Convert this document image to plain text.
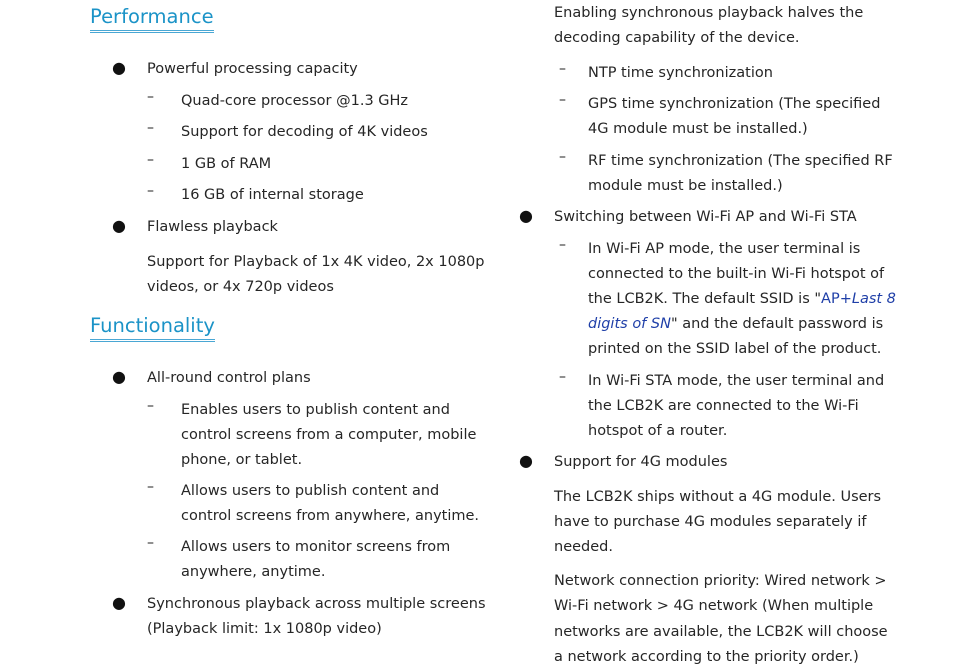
Performance
● Powerful processing capacity
– Quad-core processor @1.3 GHz
– Support for decoding of 4K videos
– 1 GB of RAM
– 16 GB of internal storage
● Flawless playback
Support for Playback of 1x 4K video, 2x 1080p
videos, or 4x 720p videos
Functionality
● All-round control plans
– Enables users to publish content and
control screens from a computer, mobile
phone, or tablet.
– Allows users to publish content and
control screens from anywhere, anytime.
– Allows users to monitor screens from
anywhere, anytime.
● Synchronous playback across multiple screens
(Playback limit: 1x 1080p video)
Enabling synchronous playback halves the
decoding capability of the device.
– NTP time synchronization
– GPS time synchronization (The specified
4G module must be installed.)
– RF time synchronization (The specified RF
module must be installed.)
● Switching between Wi-Fi AP and Wi-Fi STA
– In Wi-Fi AP mode, the user terminal is
connected to the built-in Wi-Fi hotspot of
the LCB2K. The default SSID is "AP+Last 8
digits of SN" and the default password is
printed on the SSID label of the product.
– In Wi-Fi STA mode, the user terminal and
the LCB2K are connected to the Wi-Fi
hotspot of a router.
● Support for 4G modules
The LCB2K ships without a 4G module. Users
have to purchase 4G modules separately if
needed.
Network connection priority: Wired network >
Wi-Fi network > 4G network (When multiple
networks are available, the LCB2K will choose
a network according to the priority order.)
